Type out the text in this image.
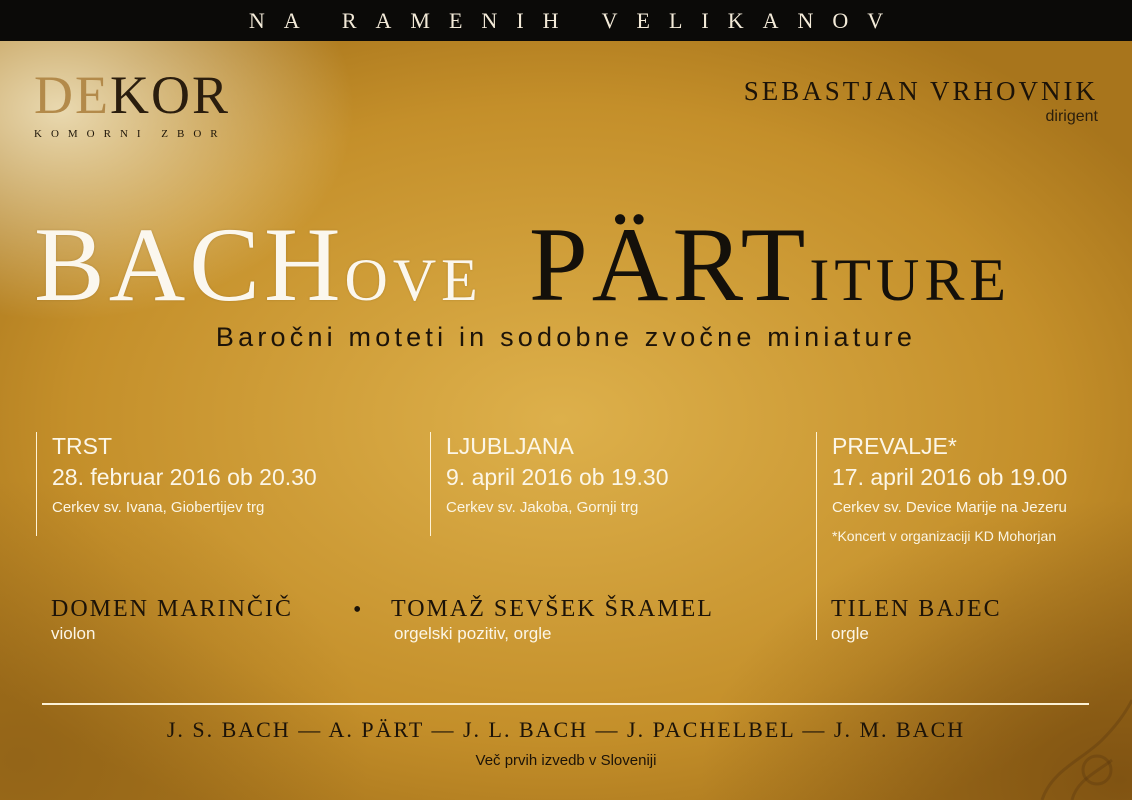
NA RAMENIH VELIKANOV
DEKOR
KOMORNI ZBOR
SEBASTJAN VRHOVNIK
dirigent
BACHOVE PÄRTITURE
Baročni moteti in sodobne zvočne miniature
TRST
28. februar 2016 ob 20.30
Cerkev sv. Ivana, Giobertijev trg
LJUBLJANA
9. april 2016 ob 19.30
Cerkev sv. Jakoba, Gornji trg
PREVALJE*
17. april 2016 ob 19.00
Cerkev sv. Device Marije na Jezeru
*Koncert v organizaciji KD Mohorjan
DOMEN MARINČIČ
violon
• TOMAŽ SEVŠEK ŠRAMEL
orgelski pozitiv, orgle
TILEN BAJEC
orgle
J. S. BACH — A. PÄRT — J. L. BACH — J. PACHELBEL — J. M. BACH
Več prvih izvedb v Sloveniji
